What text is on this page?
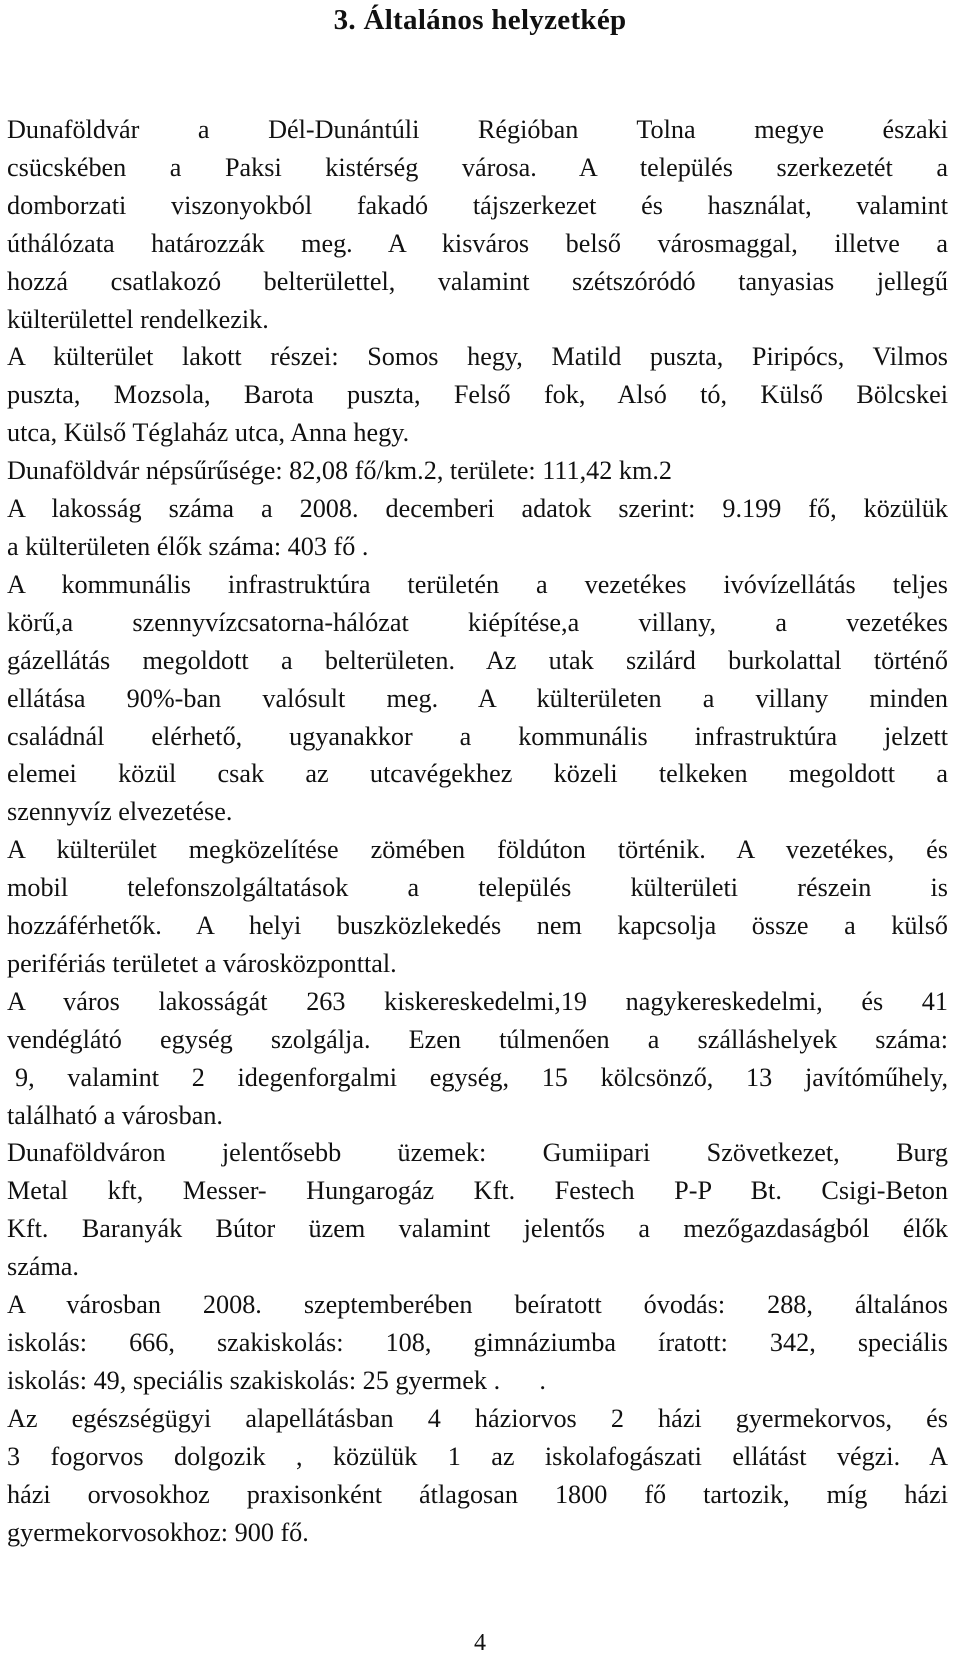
3. Általános helyzetkép

Dunaföldvár a Dél-Dunántúli Régióban Tolna megye északi
csücskében a Paksi kistérség városa. A település szerkezetét a
domborzati viszonyokból fakadó tájszerkezet és használat, valamint
úthálózata határozzák meg. A kisváros belső városmaggal, illetve a
hozzá csatlakozó belterülettel, valamint szétszóródó tanyasias jellegű
külterülettel rendelkezik.

A külterület lakott részei: Somos hegy, Matild puszta, Piripócs, Vilmos
puszta, Mozsola, Barota puszta, Felső fok, Alsó tó, Külső Bölcskei
utca, Külső Téglaház utca, Anna hegy.

Dunaföldvár népsűrűsége: 82,08 fő/km.2, területe: 111,42 km.2

A lakosság száma a 2008. decemberi adatok szerint: 9.199 fő, közülük
a külterületen élők száma: 403 fő .

A kommunális infrastruktúra területén a vezetékes ivóvízellátás teljes
körű,a szennyvízcsatorna-hálózat kiépítése,a villany, a vezetékes
gázellátás megoldott a belterületen. Az utak szilárd burkolattal történő
ellátása 90%-ban valósult meg. A külterületen a villany minden
családnál elérhető, ugyanakkor a kommunális infrastruktúra jelzett
elemei közül csak az utcavégekhez közeli telkeken megoldott a
szennyvíz elvezetése.

A külterület megközelítése zömében földúton történik. A vezetékes, és
mobil telefonszolgáltatások a település külterületi részein is
hozzáférhetők. A helyi buszközlekedés nem kapcsolja össze a külső
perifériás területet a városközponttal.

A város lakosságát 263 kiskereskedelmi,19 nagykereskedelmi, és 41
vendéglátó egység szolgálja. Ezen túlmenően a szálláshelyek száma:
9, valamint 2 idegenforgalmi egység, 15 kölcsönző, 13 javítóműhely,
található a városban.

Dunaföldváron jelentősebb üzemek: Gumiipari Szövetkezet, Burg
Metal kft, Messer- Hungarogáz Kft. Festech P-P Bt. Csigi-Beton
Kft. Baranyák Bútor üzem valamint jelentős a mezőgazdaságból élők
száma.

A városban 2008. szeptemberében beíratott óvodás: 288, általános
iskolás: 666, szakiskolás: 108, gimnáziumba íratott: 342, speciális
iskolás: 49, speciális szakiskolás: 25 gyermek .      .

Az egészségügyi alapellátásban 4 háziorvos 2 házi gyermekorvos, és
3 fogorvos dolgozik , közülük 1 az iskolafogászati ellátást végzi. A
házi orvosokhoz praxisonként átlagosan 1800 fő tartozik, míg házi
gyermekorvosokhoz: 900 fő.

4
